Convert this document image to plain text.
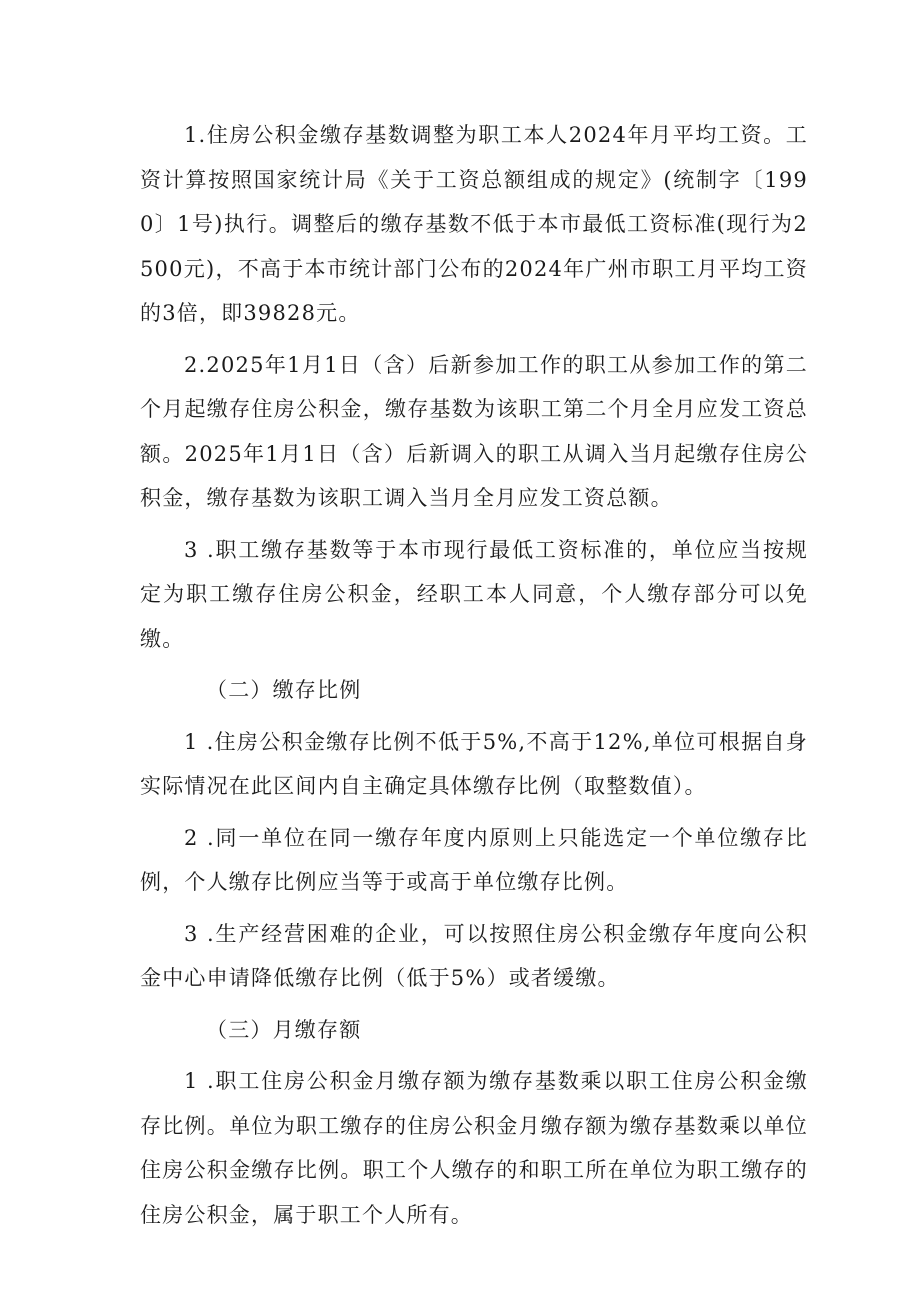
1.住房公积金缴存基数调整为职工本人2024年月平均工资。工资计算按照国家统计局《关于工资总额组成的规定》(统制字〔1990〕1号)执行。调整后的缴存基数不低于本市最低工资标准(现行为2500元)，不高于本市统计部门公布的2024年广州市职工月平均工资的3倍，即39828元。

2.2025年1月1日（含）后新参加工作的职工从参加工作的第二个月起缴存住房公积金，缴存基数为该职工第二个月全月应发工资总额。2025年1月1日（含）后新调入的职工从调入当月起缴存住房公积金，缴存基数为该职工调入当月全月应发工资总额。

3 .职工缴存基数等于本市现行最低工资标准的，单位应当按规定为职工缴存住房公积金，经职工本人同意，个人缴存部分可以免缴。

（二）缴存比例

1 .住房公积金缴存比例不低于5%,不高于12%,单位可根据自身实际情况在此区间内自主确定具体缴存比例（取整数值）。

2 .同一单位在同一缴存年度内原则上只能选定一个单位缴存比例，个人缴存比例应当等于或高于单位缴存比例。

3 .生产经营困难的企业，可以按照住房公积金缴存年度向公积金中心申请降低缴存比例（低于5%）或者缓缴。

（三）月缴存额

1 .职工住房公积金月缴存额为缴存基数乘以职工住房公积金缴存比例。单位为职工缴存的住房公积金月缴存额为缴存基数乘以单位住房公积金缴存比例。职工个人缴存的和职工所在单位为职工缴存的住房公积金，属于职工个人所有。
